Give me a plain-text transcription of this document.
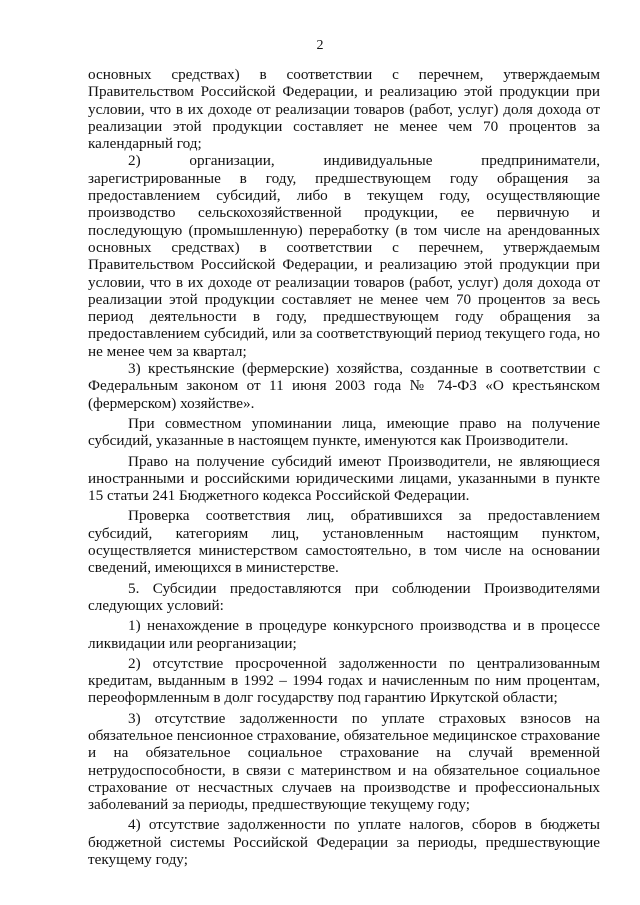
2

основных средствах) в соответствии с перечнем, утверждаемым Правительством Российской Федерации, и реализацию этой продукции при условии, что в их доходе от реализации товаров (работ, услуг) доля дохода от реализации этой продукции составляет не менее чем 70 процентов за календарный год;

2) организации, индивидуальные предприниматели, зарегистрированные в году, предшествующем году обращения за предоставлением субсидий, либо в текущем году, осуществляющие производство сельскохозяйственной продукции, ее первичную и последующую (промышленную) переработку (в том числе на арендованных основных средствах) в соответствии с перечнем, утверждаемым Правительством Российской Федерации, и реализацию этой продукции при условии, что в их доходе от реализации товаров (работ, услуг) доля дохода от реализации этой продукции составляет не менее чем 70 процентов за весь период деятельности в году, предшествующем году обращения за предоставлением субсидий, или за соответствующий период текущего года, но не менее чем за квартал;

3) крестьянские (фермерские) хозяйства, созданные в соответствии с Федеральным законом от 11 июня 2003 года № 74-ФЗ «О крестьянском (фермерском) хозяйстве».

При совместном упоминании лица, имеющие право на получение субсидий, указанные в настоящем пункте, именуются как Производители.

Право на получение субсидий имеют Производители, не являющиеся иностранными и российскими юридическими лицами, указанными в пункте 15 статьи 241 Бюджетного кодекса Российской Федерации.

Проверка соответствия лиц, обратившихся за предоставлением субсидий, категориям лиц, установленным настоящим пунктом, осуществляется министерством самостоятельно, в том числе на основании сведений, имеющихся в министерстве.

5. Субсидии предоставляются при соблюдении Производителями следующих условий:

1) ненахождение в процедуре конкурсного производства и в процессе ликвидации или реорганизации;

2) отсутствие просроченной задолженности по централизованным кредитам, выданным в 1992 – 1994 годах и начисленным по ним процентам, переоформленным в долг государству под гарантию Иркутской области;

3) отсутствие задолженности по уплате страховых взносов на обязательное пенсионное страхование, обязательное медицинское страхование и на обязательное социальное страхование на случай временной нетрудоспособности, в связи с материнством и на обязательное социальное страхование от несчастных случаев на производстве и профессиональных заболеваний за периоды, предшествующие текущему году;

4) отсутствие задолженности по уплате налогов, сборов в бюджеты бюджетной системы Российской Федерации за периоды, предшествующие текущему году;
